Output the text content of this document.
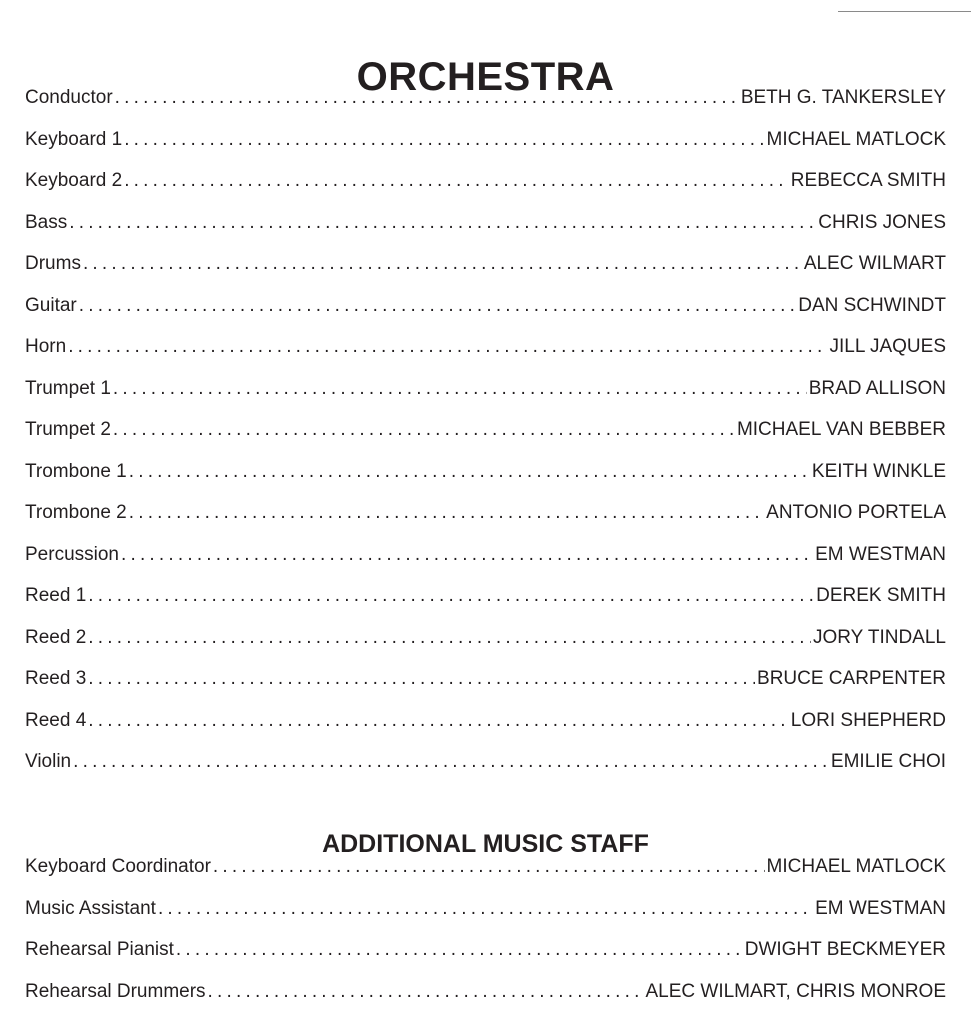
ORCHESTRA
Conductor .....	BETH G. TANKERSLEY
Keyboard 1 .....	MICHAEL MATLOCK
Keyboard 2 .....	REBECCA SMITH
Bass .....	CHRIS JONES
Drums .....	ALEC WILMART
Guitar .....	DAN SCHWINDT
Horn .....	JILL JAQUES
Trumpet 1 .....	BRAD ALLISON
Trumpet 2 .....	MICHAEL VAN BEBBER
Trombone 1 .....	KEITH WINKLE
Trombone 2 .....	ANTONIO PORTELA
Percussion .....	EM WESTMAN
Reed 1 .....	DEREK SMITH
Reed 2 .....	JORY TINDALL
Reed 3 .....	BRUCE CARPENTER
Reed 4 .....	LORI SHEPHERD
Violin .....	EMILIE CHOI
ADDITIONAL MUSIC STAFF
Keyboard Coordinator .....	MICHAEL MATLOCK
Music Assistant .....	EM WESTMAN
Rehearsal Pianist .....	DWIGHT BECKMEYER
Rehearsal Drummers .....	ALEC WILMART, CHRIS MONROE
